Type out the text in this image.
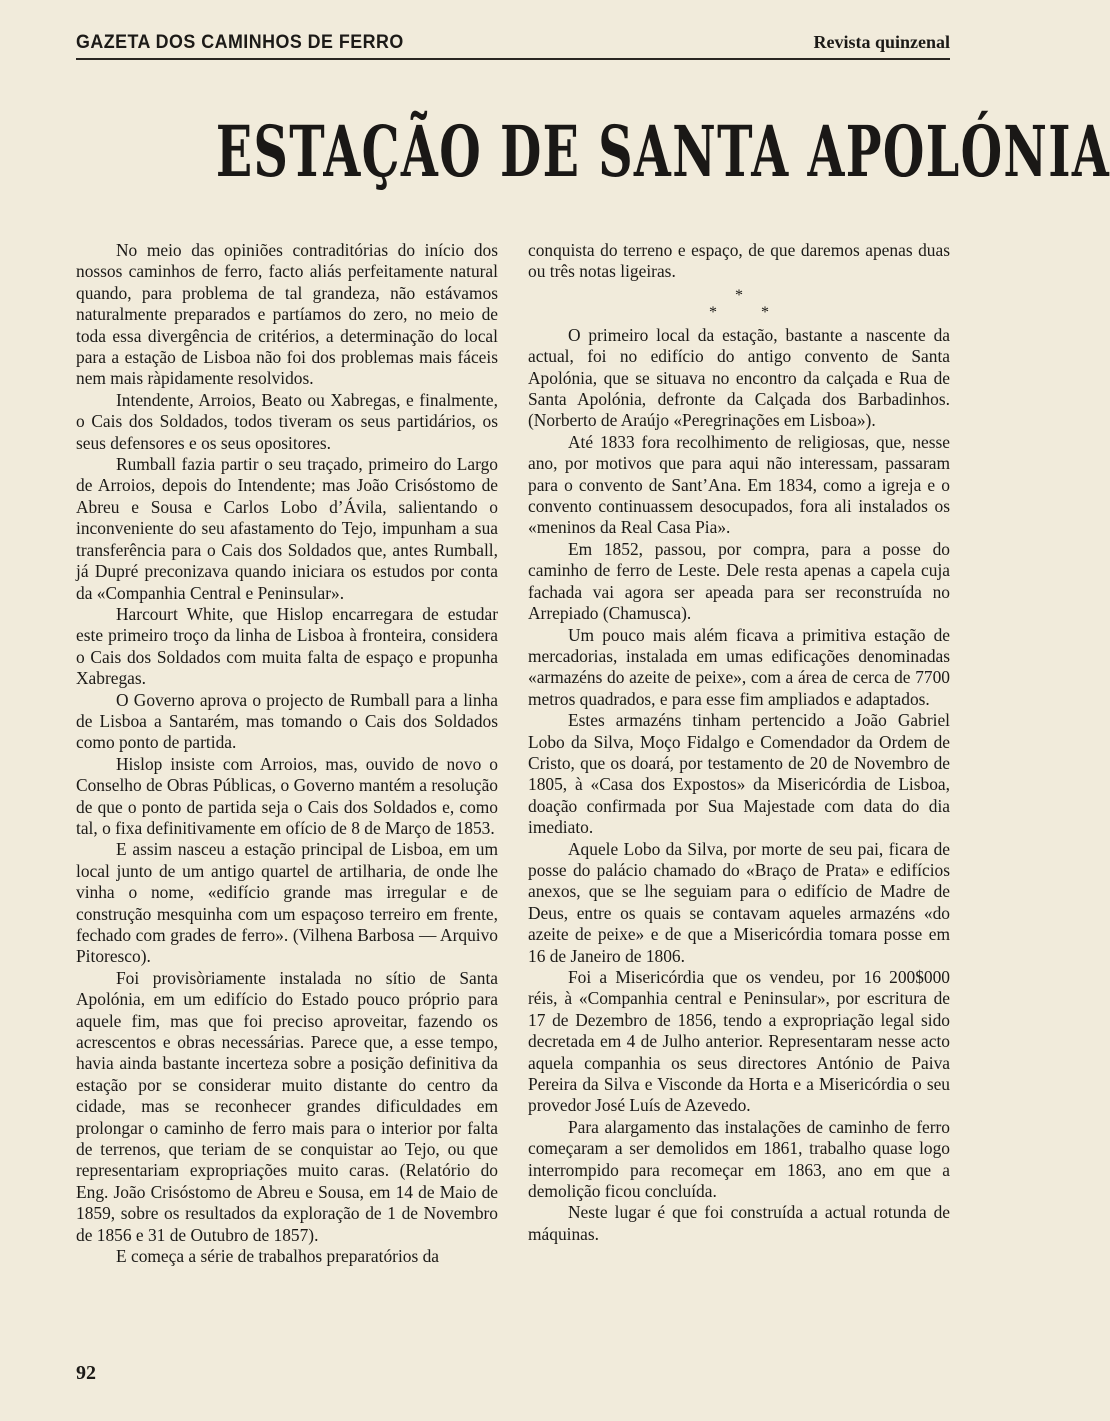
GAZETA DOS CAMINHOS DE FERRO	Revista quinzenal
ESTAÇÃO DE SANTA APOLÓNIA

No meio das opiniões contraditórias do início dos nossos caminhos de ferro, facto aliás perfeitamente natural quando, para problema de tal grandeza, não estávamos naturalmente preparados e partíamos do zero, no meio de toda essa divergência de critérios, a determinação do local para a estação de Lisboa não foi dos problemas mais fáceis nem mais ràpidamente resolvidos.

Intendente, Arroios, Beato ou Xabregas, e finalmente, o Cais dos Soldados, todos tiveram os seus partidários, os seus defensores e os seus opositores.

Rumball fazia partir o seu traçado, primeiro do Largo de Arroios, depois do Intendente; mas João Crisóstomo de Abreu e Sousa e Carlos Lobo d’Ávila, salientando o inconveniente do seu afastamento do Tejo, impunham a sua transferência para o Cais dos Soldados que, antes Rumball, já Dupré preconizava quando iniciara os estudos por conta da «Companhia Central e Peninsular».

Harcourt White, que Hislop encarregara de estudar este primeiro troço da linha de Lisboa à fronteira, considera o Cais dos Soldados com muita falta de espaço e propunha Xabregas.

O Governo aprova o projecto de Rumball para a linha de Lisboa a Santarém, mas tomando o Cais dos Soldados como ponto de partida.

Hislop insiste com Arroios, mas, ouvido de novo o Conselho de Obras Públicas, o Governo mantém a resolução de que o ponto de partida seja o Cais dos Soldados e, como tal, o fixa definitivamente em ofício de 8 de Março de 1853.

E assim nasceu a estação principal de Lisboa, em um local junto de um antigo quartel de artilharia, de onde lhe vinha o nome, «edifício grande mas irregular e de construção mesquinha com um espaçoso terreiro em frente, fechado com grades de ferro». (Vilhena Barbosa — Arquivo Pitoresco).

Foi provisòriamente instalada no sítio de Santa Apolónia, em um edifício do Estado pouco próprio para aquele fim, mas que foi preciso aproveitar, fazendo os acrescentos e obras necessárias. Parece que, a esse tempo, havia ainda bastante incerteza sobre a posição definitiva da estação por se considerar muito distante do centro da cidade, mas se reconhecer grandes dificuldades em prolongar o caminho de ferro mais para o interior por falta de terrenos, que teriam de se conquistar ao Tejo, ou que representariam expropriações muito caras. (Relatório do Eng. João Crisóstomo de Abreu e Sousa, em 14 de Maio de 1859, sobre os resultados da exploração de 1 de Novembro de 1856 e 31 de Outubro de 1857).

E começa a série de trabalhos preparatórios da

conquista do terreno e espaço, de que daremos apenas duas ou três notas ligeiras.

*
* *

O primeiro local da estação, bastante a nascente da actual, foi no edifício do antigo convento de Santa Apolónia, que se situava no encontro da calçada e Rua de Santa Apolónia, defronte da Calçada dos Barbadinhos. (Norberto de Araújo «Peregrinações em Lisboa»).

Até 1833 fora recolhimento de religiosas, que, nesse ano, por motivos que para aqui não interessam, passaram para o convento de Sant’Ana. Em 1834, como a igreja e o convento continuassem desocupados, fora ali instalados os «meninos da Real Casa Pia».

Em 1852, passou, por compra, para a posse do caminho de ferro de Leste. Dele resta apenas a capela cuja fachada vai agora ser apeada para ser reconstruída no Arrepiado (Chamusca).

Um pouco mais além ficava a primitiva estação de mercadorias, instalada em umas edificações denominadas «armazéns do azeite de peixe», com a área de cerca de 7700 metros quadrados, e para esse fim ampliados e adaptados.

Estes armazéns tinham pertencido a João Gabriel Lobo da Silva, Moço Fidalgo e Comendador da Ordem de Cristo, que os doará, por testamento de 20 de Novembro de 1805, à «Casa dos Expostos» da Misericórdia de Lisboa, doação confirmada por Sua Majestade com data do dia imediato.

Aquele Lobo da Silva, por morte de seu pai, ficara de posse do palácio chamado do «Braço de Prata» e edifícios anexos, que se lhe seguiam para o edifício de Madre de Deus, entre os quais se contavam aqueles armazéns «do azeite de peixe» e de que a Misericórdia tomara posse em 16 de Janeiro de 1806.

Foi a Misericórdia que os vendeu, por 16 200$000 réis, à «Companhia central e Peninsular», por escritura de 17 de Dezembro de 1856, tendo a expropriação legal sido decretada em 4 de Julho anterior. Representaram nesse acto aquela companhia os seus directores António de Paiva Pereira da Silva e Visconde da Horta e a Misericórdia o seu provedor José Luís de Azevedo.

Para alargamento das instalações de caminho de ferro começaram a ser demolidos em 1861, trabalho quase logo interrompido para recomeçar em 1863, ano em que a demolição ficou concluída.

Neste lugar é que foi construída a actual rotunda de máquinas.

92
